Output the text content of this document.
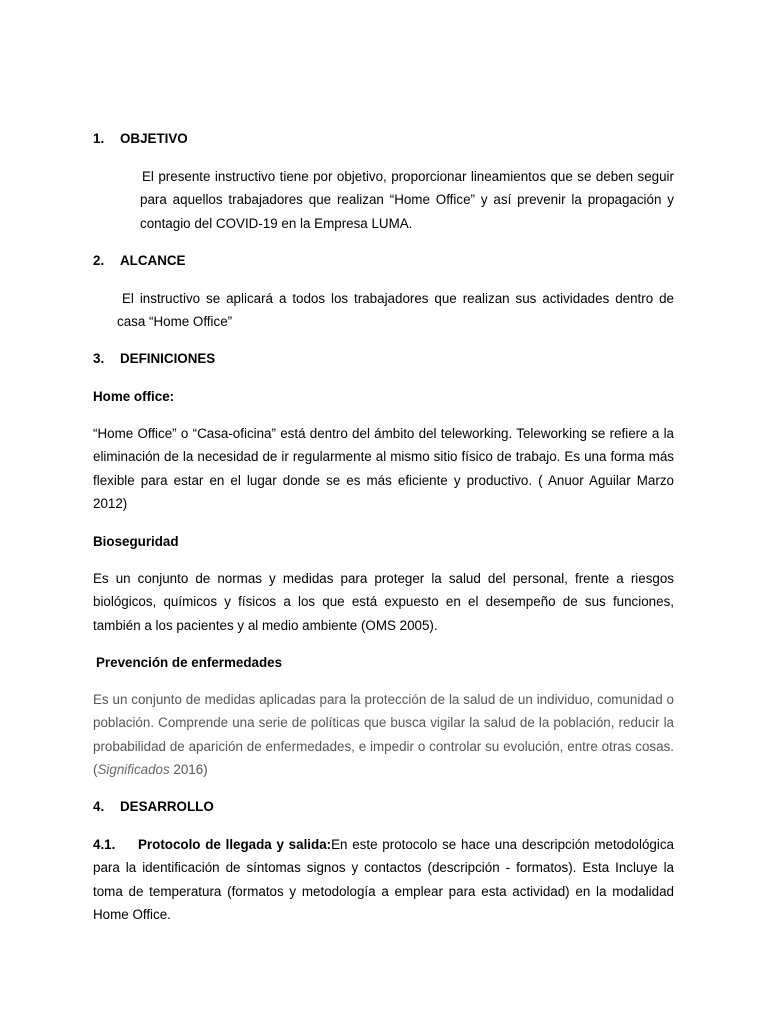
1. OBJETIVO
El presente instructivo tiene por objetivo, proporcionar lineamientos que se deben seguir para aquellos trabajadores que realizan “Home Office” y así prevenir la propagación y contagio del COVID-19 en la Empresa LUMA.
2. ALCANCE
El instructivo se aplicará a todos los trabajadores que realizan sus actividades dentro de casa “Home Office”
3. DEFINICIONES
Home office:
“Home Office” o “Casa-oficina” está dentro del ámbito del teleworking. Teleworking se refiere a la eliminación de la necesidad de ir regularmente al mismo sitio físico de trabajo. Es una forma más flexible para estar en el lugar donde se es más eficiente y productivo. ( Anuor Aguilar Marzo 2012)
Bioseguridad
Es un conjunto de normas y medidas para proteger la salud del personal, frente a riesgos biológicos, químicos y físicos a los que está expuesto en el desempeño de sus funciones, también a los pacientes y al medio ambiente (OMS 2005).
Prevención de enfermedades
Es un conjunto de medidas aplicadas para la protección de la salud de un individuo, comunidad o población. Comprende una serie de políticas que busca vigilar la salud de la población, reducir la probabilidad de aparición de enfermedades, e impedir o controlar su evolución, entre otras cosas.(Significados 2016)
4. DESARROLLO
4.1. Protocolo de llegada y salida:En este protocolo se hace una descripción metodológica para la identificación de síntomas signos y contactos (descripción - formatos). Esta Incluye la toma de temperatura (formatos y metodología a emplear para esta actividad) en la modalidad Home Office.
